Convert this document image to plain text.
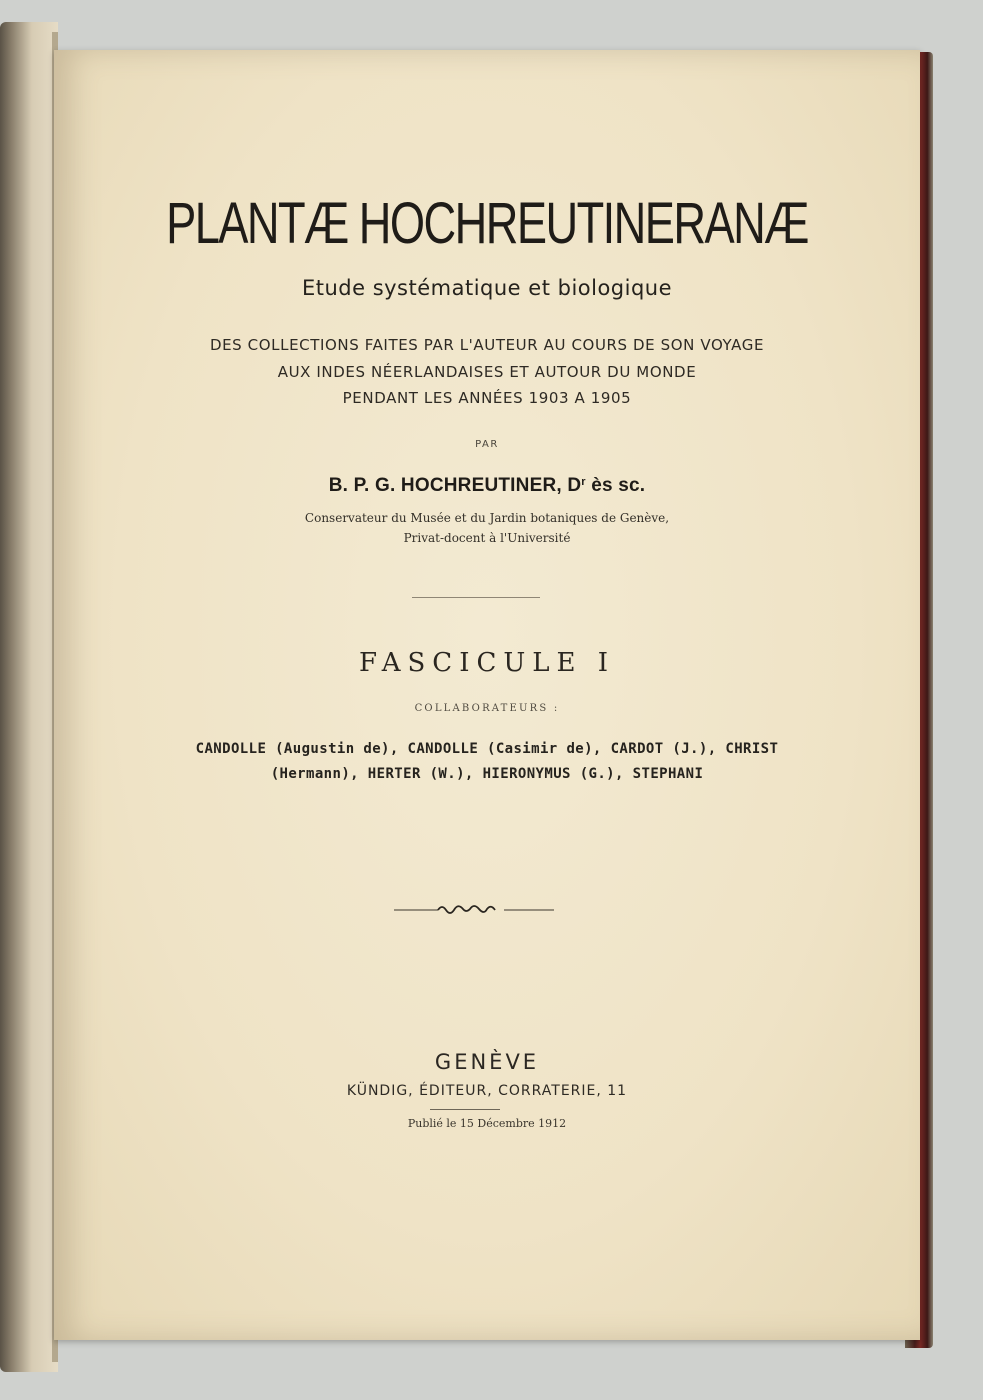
PLANTÆ HOCHREUTINERANÆ
Etude systématique et biologique
DES COLLECTIONS FAITES PAR L'AUTEUR AU COURS DE SON VOYAGE
AUX INDES NÉERLANDAISES ET AUTOUR DU MONDE
PENDANT LES ANNÉES 1903 A 1905
PAR
B. P. G. HOCHREUTINER, $D^r$ ès sc.
Conservateur du Musée et du Jardin botaniques de Genève,
Privat-docent à l'Université
FASCICULE I
COLLABORATEURS :
CANDOLLE (Augustin de), CANDOLLE (Casimir de), CARDOT (J.), CHRIST
(Hermann), HERTER (W.), HIERONYMUS (G.), STEPHANI
GENÈVE
KÜNDIG, ÉDITEUR, CORRATERIE, 11
Publié le 15 Décembre 1912
